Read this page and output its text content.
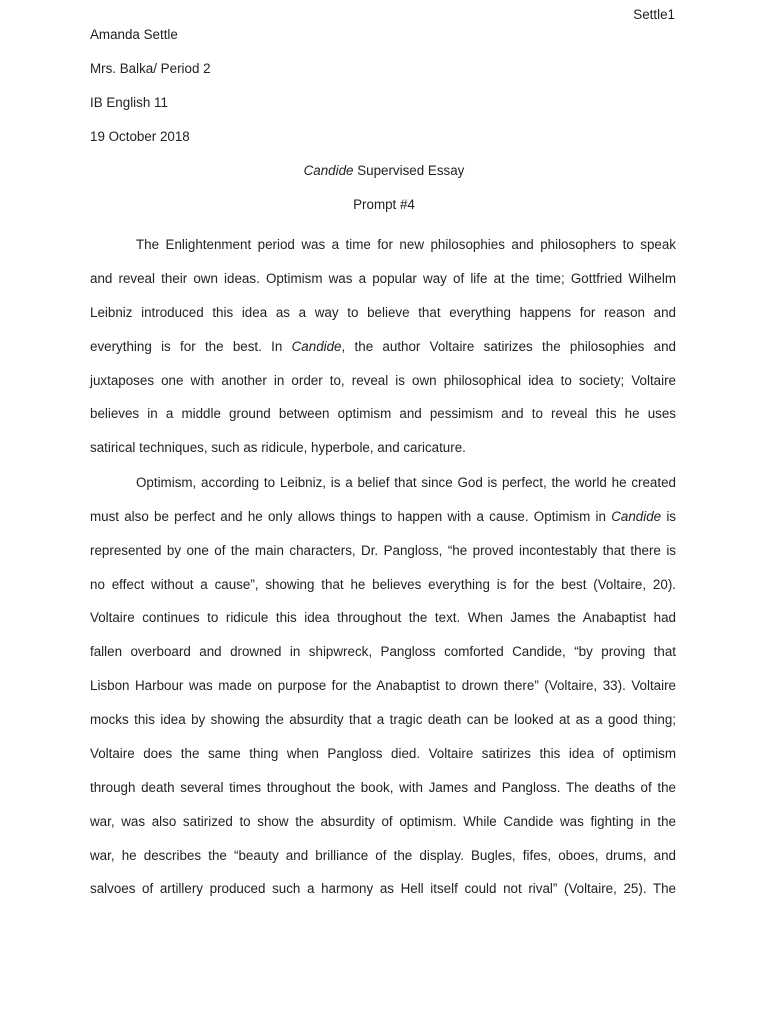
Settle1
Amanda Settle
Mrs. Balka/ Period 2
IB English 11
19 October 2018
Candide Supervised Essay
Prompt #4
The Enlightenment period was a time for new philosophies and philosophers to speak
and reveal their own ideas. Optimism was a popular way of life at the time; Gottfried Wilhelm
Leibniz introduced this idea as a way to believe that everything happens for reason and
everything is for the best. In Candide, the author Voltaire satirizes the philosophies and
juxtaposes one with another in order to, reveal is own philosophical idea to society; Voltaire
believes in a middle ground between optimism and pessimism and to reveal this he uses
satirical techniques, such as ridicule, hyperbole, and caricature.
Optimism, according to Leibniz, is a belief that since God is perfect, the world he created
must also be perfect and he only allows things to happen with a cause. Optimism in Candide is
represented by one of the main characters, Dr. Pangloss, “he proved incontestably that there is
no effect without a cause”, showing that he believes everything is for the best (Voltaire, 20).
Voltaire continues to ridicule this idea throughout the text. When James the Anabaptist had
fallen overboard and drowned in shipwreck, Pangloss comforted Candide, “by proving that
Lisbon Harbour was made on purpose for the Anabaptist to drown there” (Voltaire, 33). Voltaire
mocks this idea by showing the absurdity that a tragic death can be looked at as a good thing;
Voltaire does the same thing when Pangloss died. Voltaire satirizes this idea of optimism
through death several times throughout the book, with James and Pangloss. The deaths of the
war, was also satirized to show the absurdity of optimism. While Candide was fighting in the
war, he describes the “beauty and brilliance of the display. Bugles, fifes, oboes, drums, and
salvoes of artillery produced such a harmony as Hell itself could not rival” (Voltaire, 25). The
